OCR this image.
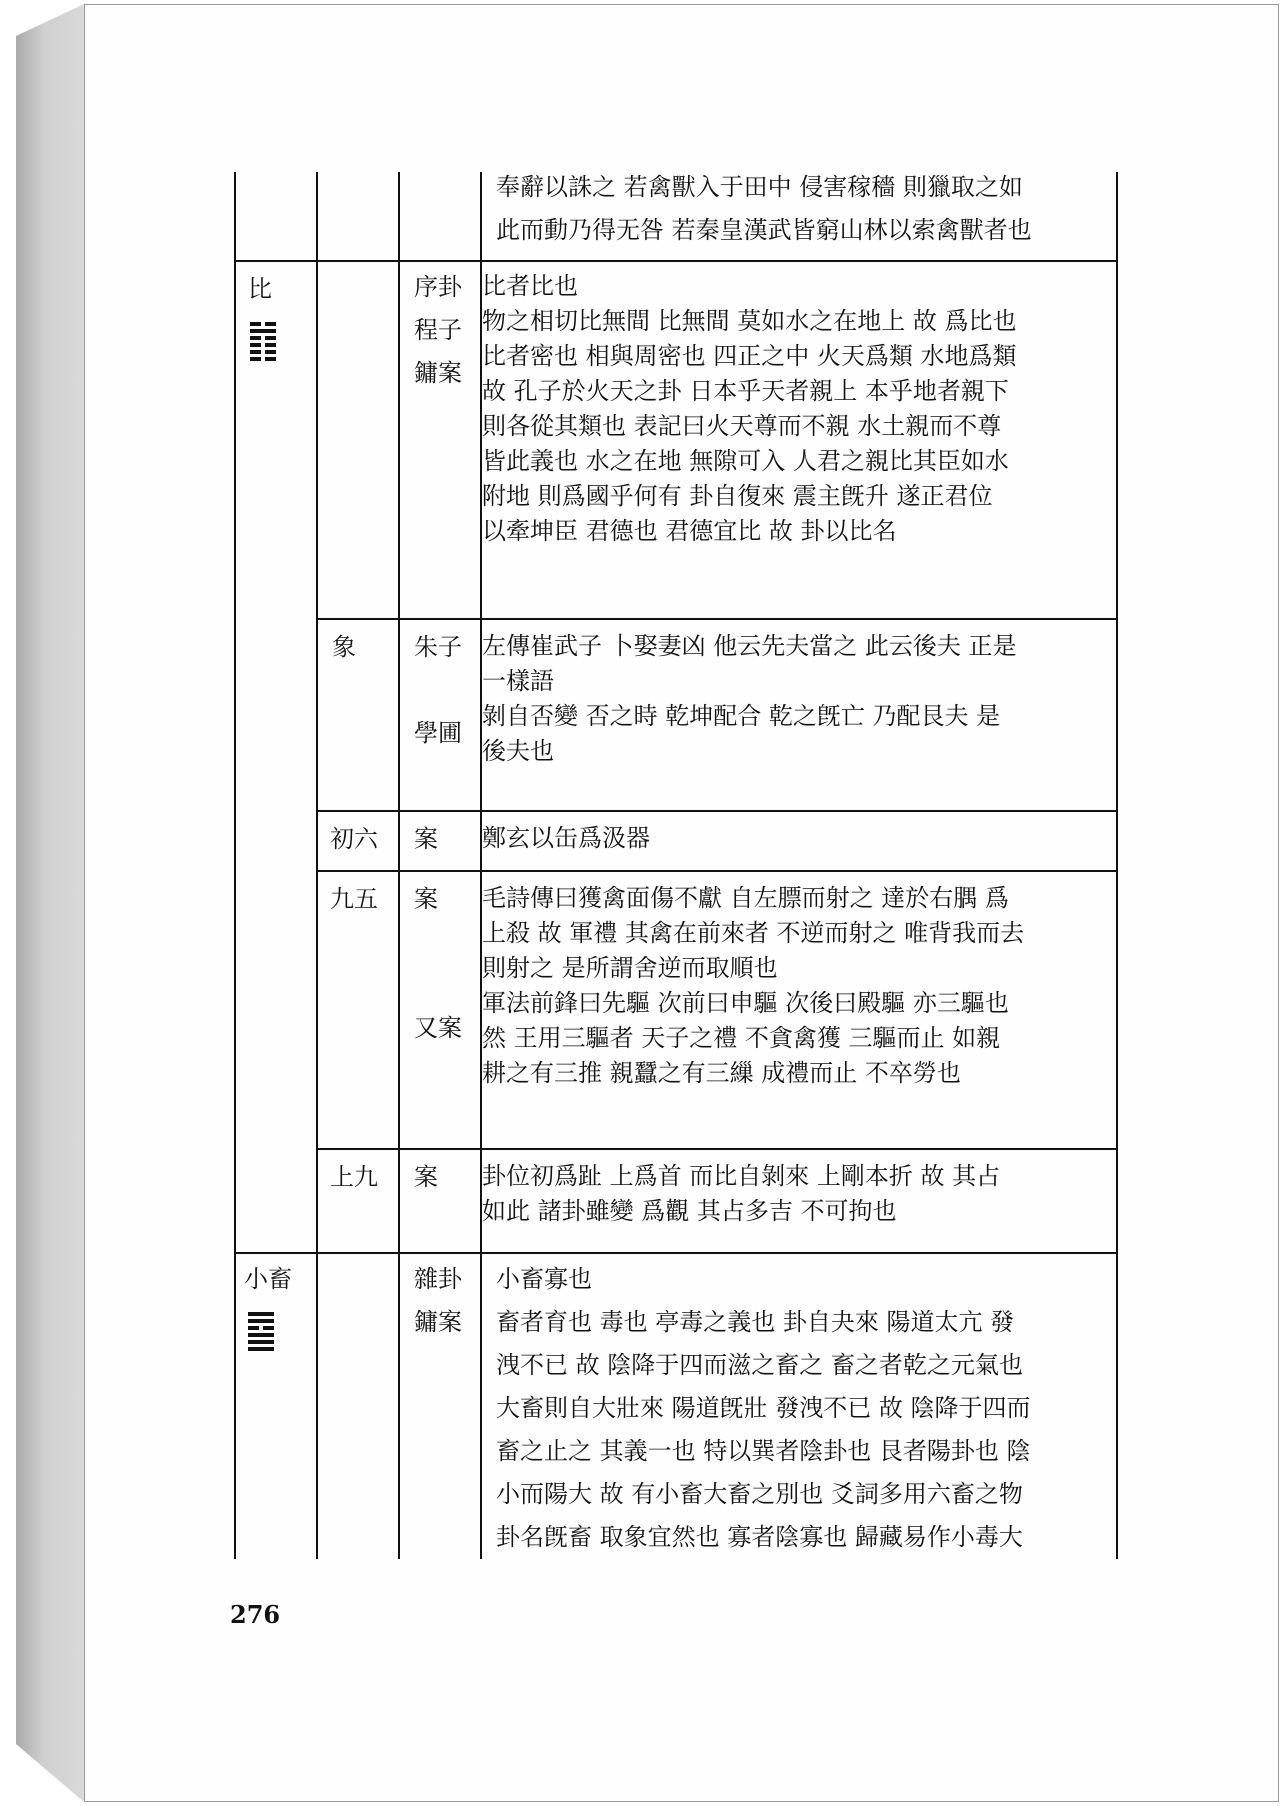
奉辭以誅之 若禽獸入于田中 侵害稼穡 則獵取之如
此而動乃得无咎 若秦皇漢武皆窮山林以索禽獸者也
比	序卦
程子
鏞案
比者比也
物之相切比無間 比無間 莫如水之在地上 故 爲比也
比者密也 相與周密也 四正之中 火天爲類 水地爲類
故 孔子於火天之卦 日本乎天者親上 本乎地者親下
則各從其類也 表記曰火天尊而不親 水土親而不尊
皆此義也 水之在地 無隙可入 人君之親比其臣如水
附地 則爲國乎何有 卦自復來 震主旣升 遂正君位
以牽坤臣 君德也 君德宜比 故 卦以比名
象 朱子
學圃
左傳崔武子 卜娶妻凶 他云先夫當之 此云後夫 正是
一樣語
剝自否變 否之時 乾坤配合 乾之旣亡 乃配艮夫 是
後夫也
初六 案 鄭玄以缶爲汲器
九五 案
又案
毛詩傳曰獲禽面傷不獻 自左膘而射之 達於右腢 爲
上殺 故 軍禮 其禽在前來者 不逆而射之 唯背我而去
則射之 是所謂舍逆而取順也
軍法前鋒曰先驅 次前曰申驅 次後曰殿驅 亦三驅也
然 王用三驅者 天子之禮 不貪禽獲 三驅而止 如親
耕之有三推 親蠶之有三繅 成禮而止 不卒勞也
上九 案 卦位初爲趾 上爲首 而比自剝來 上剛本折 故 其占
如此 諸卦雖變 爲觀 其占多吉 不可拘也
小畜	雜卦
鏞案
小畜寡也
畜者育也 毒也 亭毒之義也 卦自夬來 陽道太亢 發
洩不已 故 陰降于四而滋之畜之 畜之者乾之元氣也
大畜則自大壯來 陽道旣壯 發洩不已 故 陰降于四而
畜之止之 其義一也 特以巽者陰卦也 艮者陽卦也 陰
小而陽大 故 有小畜大畜之別也 爻詞多用六畜之物
卦名旣畜 取象宜然也 寡者陰寡也 歸藏易作小毒大
276
